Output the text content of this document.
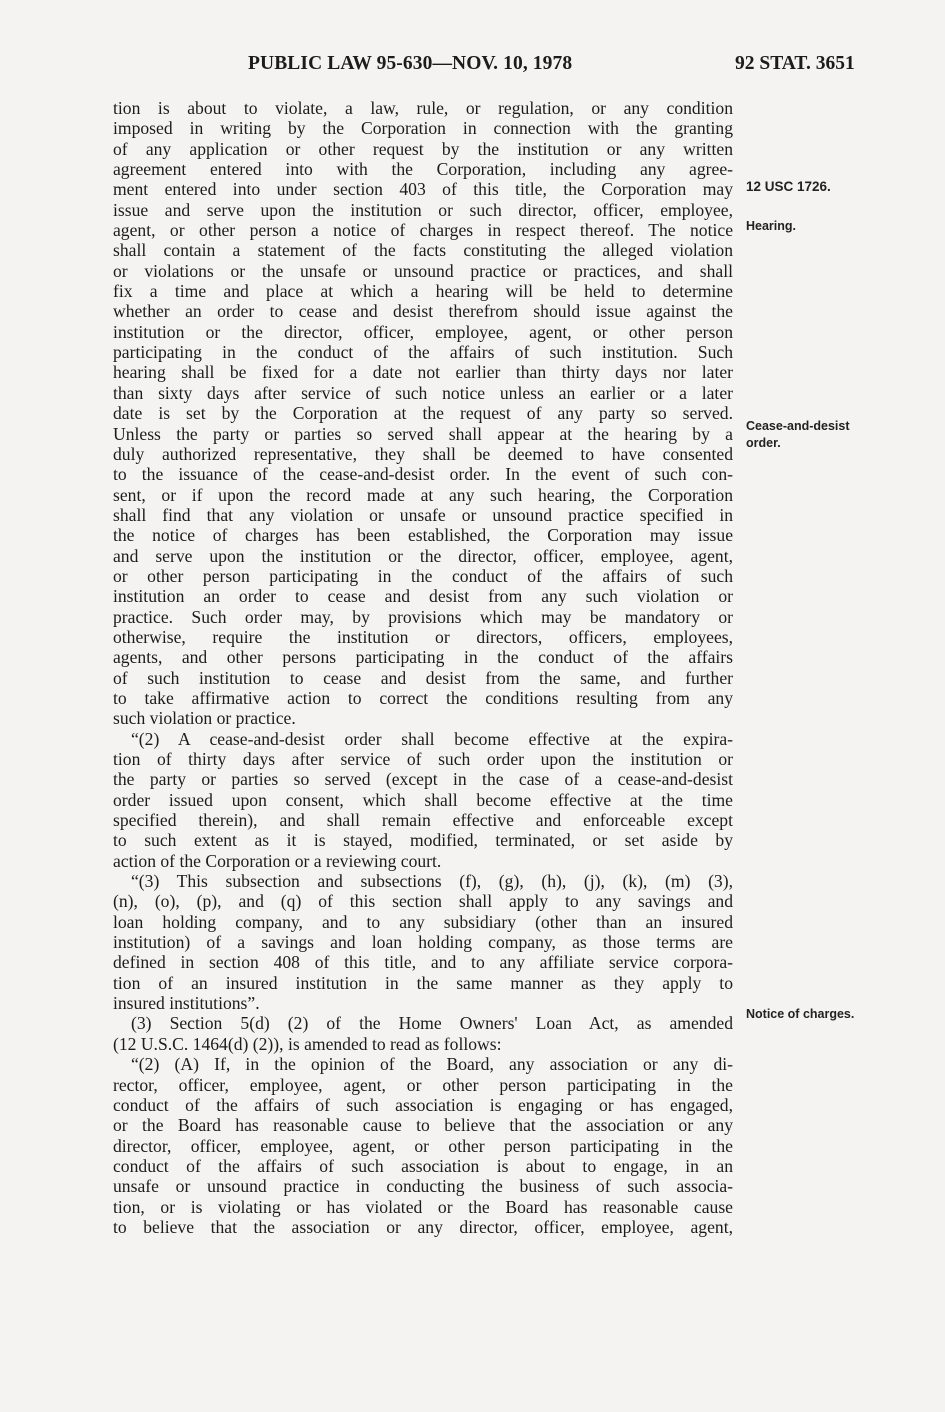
PUBLIC LAW 95-630—NOV. 10, 1978	92 STAT. 3651
tion is about to violate, a law, rule, or regulation, or any condition
imposed in writing by the Corporation in connection with the granting
of any application or other request by the institution or any written
agreement entered into with the Corporation, including any agree-
ment entered into under section 403 of this title, the Corporation may
issue and serve upon the institution or such director, officer, employee,
agent, or other person a notice of charges in respect thereof. The notice
shall contain a statement of the facts constituting the alleged violation
or violations or the unsafe or unsound practice or practices, and shall
fix a time and place at which a hearing will be held to determine
whether an order to cease and desist therefrom should issue against the
institution or the director, officer, employee, agent, or other person
participating in the conduct of the affairs of such institution. Such
hearing shall be fixed for a date not earlier than thirty days nor later
than sixty days after service of such notice unless an earlier or a later
date is set by the Corporation at the request of any party so served.
Unless the party or parties so served shall appear at the hearing by a
duly authorized representative, they shall be deemed to have consented
to the issuance of the cease-and-desist order. In the event of such con-
sent, or if upon the record made at any such hearing, the Corporation
shall find that any violation or unsafe or unsound practice specified in
the notice of charges has been established, the Corporation may issue
and serve upon the institution or the director, officer, employee, agent,
or other person participating in the conduct of the affairs of such
institution an order to cease and desist from any such violation or
practice. Such order may, by provisions which may be mandatory or
otherwise, require the institution or directors, officers, employees,
agents, and other persons participating in the conduct of the affairs
of such institution to cease and desist from the same, and further
to take affirmative action to correct the conditions resulting from any
such violation or practice.
“(2) A cease-and-desist order shall become effective at the expira-
tion of thirty days after service of such order upon the institution or
the party or parties so served (except in the case of a cease-and-desist
order issued upon consent, which shall become effective at the time
specified therein), and shall remain effective and enforceable except
to such extent as it is stayed, modified, terminated, or set aside by
action of the Corporation or a reviewing court.
“(3) This subsection and subsections (f), (g), (h), (j), (k), (m) (3),
(n), (o), (p), and (q) of this section shall apply to any savings and
loan holding company, and to any subsidiary (other than an insured
institution) of a savings and loan holding company, as those terms are
defined in section 408 of this title, and to any affiliate service corpora-
tion of an insured institution in the same manner as they apply to
insured institutions”.
(3) Section 5(d) (2) of the Home Owners' Loan Act, as amended
(12 U.S.C. 1464(d) (2)), is amended to read as follows:
“(2) (A) If, in the opinion of the Board, any association or any di-
rector, officer, employee, agent, or other person participating in the
conduct of the affairs of such association is engaging or has engaged,
or the Board has reasonable cause to believe that the association or any
director, officer, employee, agent, or other person participating in the
conduct of the affairs of such association is about to engage, in an
unsafe or unsound practice in conducting the business of such associa-
tion, or is violating or has violated or the Board has reasonable cause
to believe that the association or any director, officer, employee, agent,
12 USC 1726.
Hearing.
Cease-and-desist
order.
Notice of charges.
